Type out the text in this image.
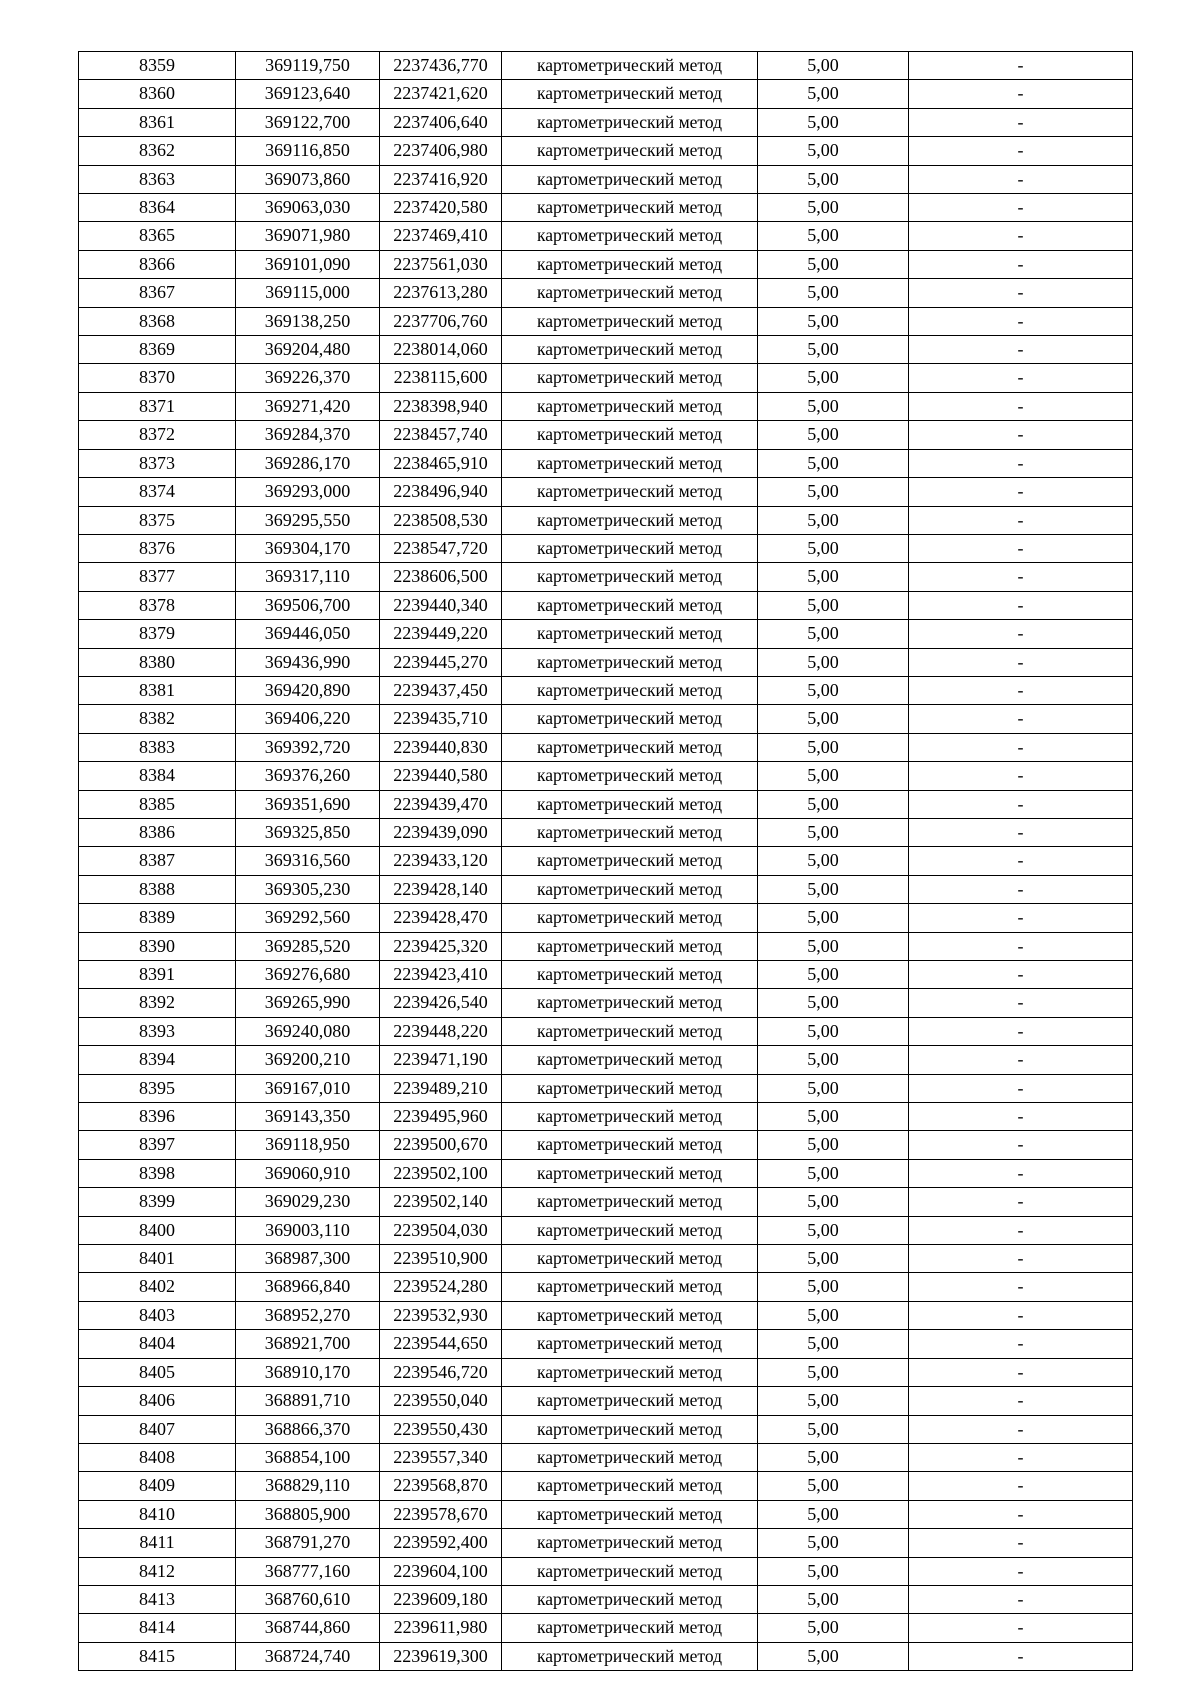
8359	369119,750	2237436,770	картометрический метод	5,00	-
8360	369123,640	2237421,620	картометрический метод	5,00	-
8361	369122,700	2237406,640	картометрический метод	5,00	-
8362	369116,850	2237406,980	картометрический метод	5,00	-
8363	369073,860	2237416,920	картометрический метод	5,00	-
8364	369063,030	2237420,580	картометрический метод	5,00	-
8365	369071,980	2237469,410	картометрический метод	5,00	-
8366	369101,090	2237561,030	картометрический метод	5,00	-
8367	369115,000	2237613,280	картометрический метод	5,00	-
8368	369138,250	2237706,760	картометрический метод	5,00	-
8369	369204,480	2238014,060	картометрический метод	5,00	-
8370	369226,370	2238115,600	картометрический метод	5,00	-
8371	369271,420	2238398,940	картометрический метод	5,00	-
8372	369284,370	2238457,740	картометрический метод	5,00	-
8373	369286,170	2238465,910	картометрический метод	5,00	-
8374	369293,000	2238496,940	картометрический метод	5,00	-
8375	369295,550	2238508,530	картометрический метод	5,00	-
8376	369304,170	2238547,720	картометрический метод	5,00	-
8377	369317,110	2238606,500	картометрический метод	5,00	-
8378	369506,700	2239440,340	картометрический метод	5,00	-
8379	369446,050	2239449,220	картометрический метод	5,00	-
8380	369436,990	2239445,270	картометрический метод	5,00	-
8381	369420,890	2239437,450	картометрический метод	5,00	-
8382	369406,220	2239435,710	картометрический метод	5,00	-
8383	369392,720	2239440,830	картометрический метод	5,00	-
8384	369376,260	2239440,580	картометрический метод	5,00	-
8385	369351,690	2239439,470	картометрический метод	5,00	-
8386	369325,850	2239439,090	картометрический метод	5,00	-
8387	369316,560	2239433,120	картометрический метод	5,00	-
8388	369305,230	2239428,140	картометрический метод	5,00	-
8389	369292,560	2239428,470	картометрический метод	5,00	-
8390	369285,520	2239425,320	картометрический метод	5,00	-
8391	369276,680	2239423,410	картометрический метод	5,00	-
8392	369265,990	2239426,540	картометрический метод	5,00	-
8393	369240,080	2239448,220	картометрический метод	5,00	-
8394	369200,210	2239471,190	картометрический метод	5,00	-
8395	369167,010	2239489,210	картометрический метод	5,00	-
8396	369143,350	2239495,960	картометрический метод	5,00	-
8397	369118,950	2239500,670	картометрический метод	5,00	-
8398	369060,910	2239502,100	картометрический метод	5,00	-
8399	369029,230	2239502,140	картометрический метод	5,00	-
8400	369003,110	2239504,030	картометрический метод	5,00	-
8401	368987,300	2239510,900	картометрический метод	5,00	-
8402	368966,840	2239524,280	картометрический метод	5,00	-
8403	368952,270	2239532,930	картометрический метод	5,00	-
8404	368921,700	2239544,650	картометрический метод	5,00	-
8405	368910,170	2239546,720	картометрический метод	5,00	-
8406	368891,710	2239550,040	картометрический метод	5,00	-
8407	368866,370	2239550,430	картометрический метод	5,00	-
8408	368854,100	2239557,340	картометрический метод	5,00	-
8409	368829,110	2239568,870	картометрический метод	5,00	-
8410	368805,900	2239578,670	картометрический метод	5,00	-
8411	368791,270	2239592,400	картометрический метод	5,00	-
8412	368777,160	2239604,100	картометрический метод	5,00	-
8413	368760,610	2239609,180	картометрический метод	5,00	-
8414	368744,860	2239611,980	картометрический метод	5,00	-
8415	368724,740	2239619,300	картометрический метод	5,00	-
